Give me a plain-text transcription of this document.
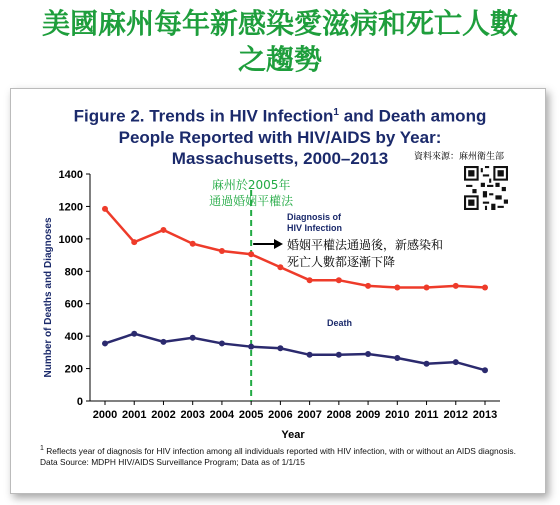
美國麻州每年新感染愛滋病和死亡人數
之趨勢
Figure 2. Trends in HIV Infection$^1$ and Death among
People Reported with HIV/AIDS by Year:
Massachusetts, 2000–2013	資料來源：麻州衛生部
0
200
400
600
800
1000
1200
1400
2000 2001 2002 2003 2004 2005 2006 2007 2008 2009 2010 2011 2012 2013
Year
Number of Deaths and Diagnoses
麻州於2005年
通過婚姻平權法
Diagnosis of
HIV Infection
Death
婚姻平權法通過後，新感染和
死亡人數都逐漸下降
$^1$ Reflects year of diagnosis for HIV infection among all individuals reported with HIV infection, with or without an AIDS diagnosis.
Data Source: MDPH HIV/AIDS Surveillance Program; Data as of 1/1/15
